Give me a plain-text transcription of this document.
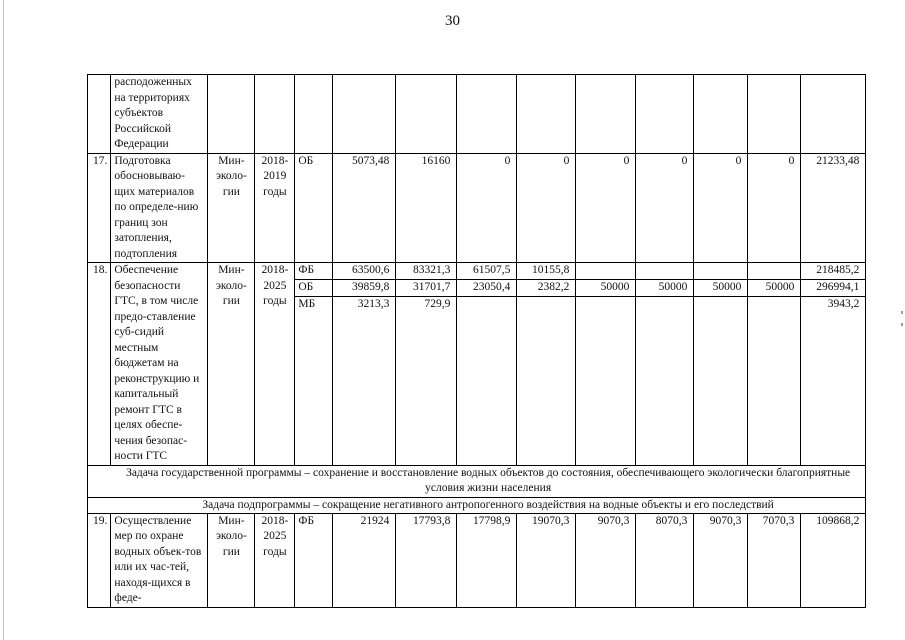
30
	расподоженных на территориях субъектов Российской Федерации												
17.	Подготовка обосновываю-щих материалов по определе-нию границ зон затопления, подтопления	Мин-эколо-гии	2018-2019 годы	ОБ	5073,48	16160	0	0	0	0	0	0	21233,48
18.	Обеспечение безопасности ГТС, в том числе предо-ставление суб-сидий местным бюджетам на реконструкцию и капитальный ремонт ГТС в целях обеспе-чения безопас-ности ГТС	Мин-эколо-гии	2018-2025 годы	ФБ	63500,6	83321,3	61507,5	10155,8					218485,2
				ОБ	39859,8	31701,7	23050,4	2382,2	50000	50000	50000	50000	296994,1
				МБ	3213,3	729,9							3943,2
	Задача государственной программы – сохранение и восстановление водных объектов до состояния, обеспечивающего экологически благоприятные условия жизни населения												
	Задача подпрограммы – сокращение негативного антропогенного воздействия на водные объекты и его последствий												
19.	Осуществление мер по охране водных объек-тов или их час-тей, находя-щихся в феде-	Мин-эколо-гии	2018-2025 годы	ФБ	21924	17793,8	17798,9	19070,3	9070,3	8070,3	9070,3	7070,3	109868,2
